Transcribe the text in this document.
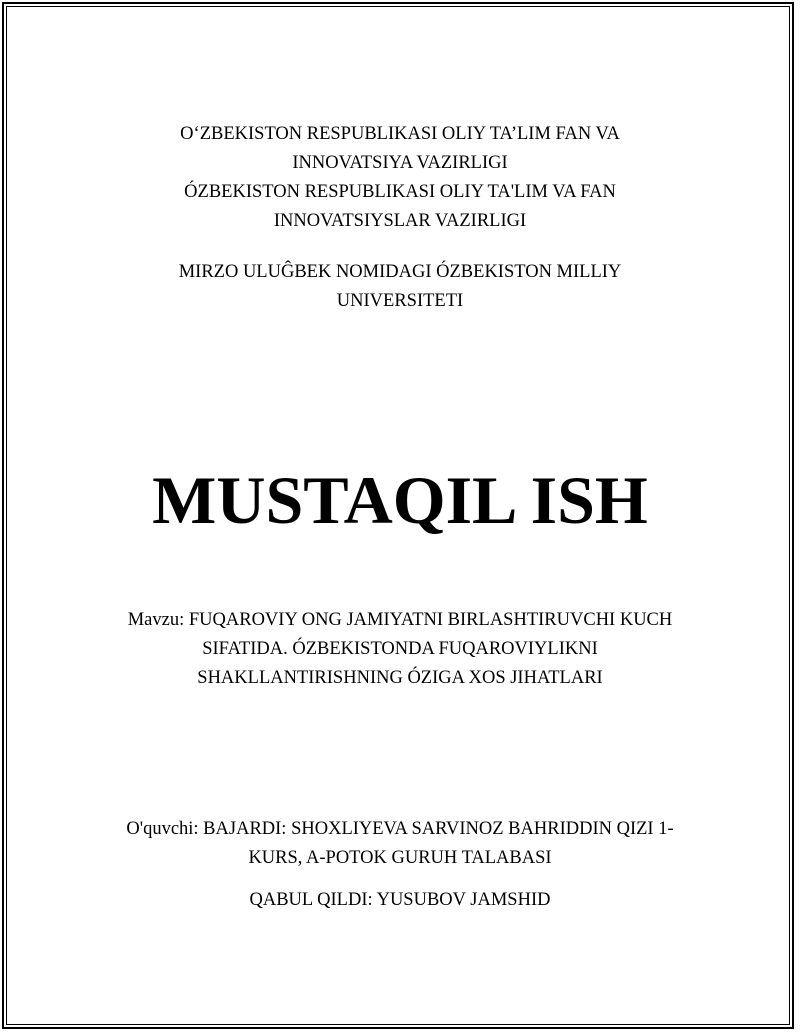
O‘ZBEKISTON RESPUBLIKASI OLIY TA’LIM FAN VA
INNOVATSIYA VAZIRLIGI
ÓZBEKISTON RESPUBLIKASI OLIY TA'LIM VA FAN
INNOVATSIYSLAR VAZIRLIGI
MIRZO ULUĜBEK NOMIDAGI ÓZBEKISTON MILLIY
UNIVERSITETI
MUSTAQIL ISH
Mavzu: FUQAROVIY ONG JAMIYATNI BIRLASHTIRUVCHI KUCH
SIFATIDA. ÓZBEKISTONDA FUQAROVIYLIKNI
SHAKLLANTIRISHNING ÓZIGA XOS JIHATLARI
O'quvchi: BAJARDI: SHOXLIYEVA SARVINOZ BAHRIDDIN QIZI 1-
KURS, A-POTOK GURUH TALABASI
QABUL QILDI: YUSUBOV JAMSHID
